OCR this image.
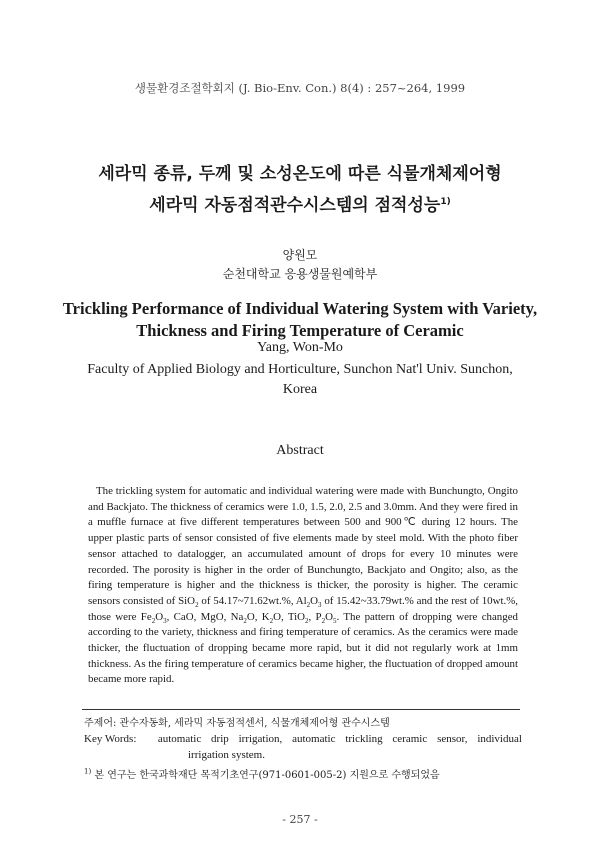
생물환경조절학회지 (J. Bio-Env. Con.) 8(4) : 257~264, 1999
세라믹 종류, 두께 및 소성온도에 따른 식물개체제어형
세라믹 자동점적관수시스템의 점적성능$^{1)}$
양원모
순천대학교 응용생물원예학부
Trickling Performance of Individual Watering System with Variety,
Thickness and Firing Temperature of Ceramic
Yang, Won-Mo
Faculty of Applied Biology and Horticulture, Sunchon Nat'l Univ. Sunchon,
Korea
Abstract

The trickling system for automatic and individual watering were made with Bunchungto, Ongito and Backjato. The thickness of ceramics were 1.0, 1.5, 2.0, 2.5 and 3.0mm. And they were fired in a muffle furnace at five different temperatures between 500 and 900℃ during 12 hours. The upper plastic parts of sensor consisted of five elements made by steel mold. With the photo fiber sensor attached to datalogger, an accumulated amount of drops for every 10 minutes were recorded. The porosity is higher in the order of Bunchungto, Backjato and Ongito; also, as the firing temperature is higher and the thickness is thicker, the porosity is higher. The ceramic sensors consisted of SiO$_2$ of 54.17~71.62wt.%, $Al_2O_3$ of 15.42~33.79wt.% and the rest of 10wt.%, those were $Fe_2O_3$, CaO, MgO, $Na_2O$, $K_2O$, TiO$_2$, $P_2O_5$. The pattern of dropping were changed according to the variety, thickness and firing temperature of ceramics. As the ceramics were made thicker, the fluctuation of dropping became more rapid, but it did not regularly work at 1mm thickness. As the firing temperature of ceramics became higher, the fluctuation of dropped amount became more rapid.

주제어: 관수자동화, 세라믹 자동점적센서, 식물개체제어형 관수시스템
Key Words:	automatic drip irrigation, automatic trickling ceramic sensor, individual
irrigation system.
$^{1)}$ 본 연구는 한국과학재단 목적기초연구(971-0601-005-2) 지원으로 수행되었음
- 257 -
